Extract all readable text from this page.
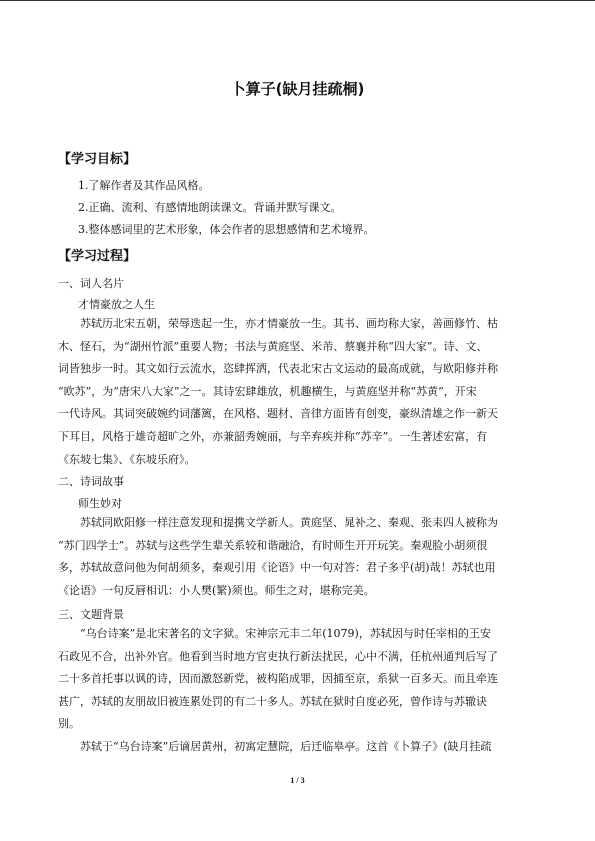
卜算子(缺月挂疏桐)
【学习目标】
1.了解作者及其作品风格。
2.正确、流利、有感情地朗读课文。背诵并默写课文。
3.整体感词里的艺术形象，体会作者的思想感情和艺术境界。
【学习过程】
一、词人名片
才情豪放之人生

苏轼历北宋五朝，荣辱迭起一生，亦才情豪放一生。其书、画均称大家，善画修竹、枯

木、怪石，为“湖州竹派”重要人物；书法与黄庭坚、米芾、蔡襄并称“四大家”。诗、文、

词皆独步一时。其文如行云流水，恣肆挥洒，代表北宋古文运动的最高成就，与欧阳修并称

“欧苏”，为“唐宋八大家”之一。其诗宏肆雄放，机趣横生，与黄庭坚并称“苏黄”，开宋

一代诗风。其词突破婉约词藩篱，在风格、题材、音律方面皆有创变，豪纵清雄之作一新天

下耳目，风格于雄奇超旷之外，亦兼韶秀婉丽，与辛弃疾并称“苏辛”。一生著述宏富，有

《东坡七集》、《东坡乐府》。

二、诗词故事
师生妙对

苏轼同欧阳修一样注意发现和提携文学新人。黄庭坚、晁补之、秦观、张耒四人被称为

“苏门四学士”。苏轼与这些学生辈关系较和谐融洽，有时师生开开玩笑。秦观脸小胡须很

多，苏轼故意问他为何胡须多，秦观引用《论语》中一句对答：君子多乎(胡)哉！苏轼也用

《论语》一句反唇相讥：小人樊(繁)须也。师生之对，堪称完美。

三、文题背景

“乌台诗案”是北宋著名的文字狱。宋神宗元丰二年(1079)，苏轼因与时任宰相的王安

石政见不合，出补外官。他看到当时地方官吏执行新法扰民，心中不满，任杭州通判后写了

二十多首托事以讽的诗，因而激怒新党，被构陷成罪，因捕至京，系狱一百多天。而且牵连

甚广，苏轼的友朋故旧被连累处罚的有二十多人。苏轼在狱时自度必死，曾作诗与苏辙诀

别。

苏轼于“乌台诗案”后谪居黄州，初寓定慧院，后迁临皋亭。这首《卜算子》(缺月挂疏

1 / 3
